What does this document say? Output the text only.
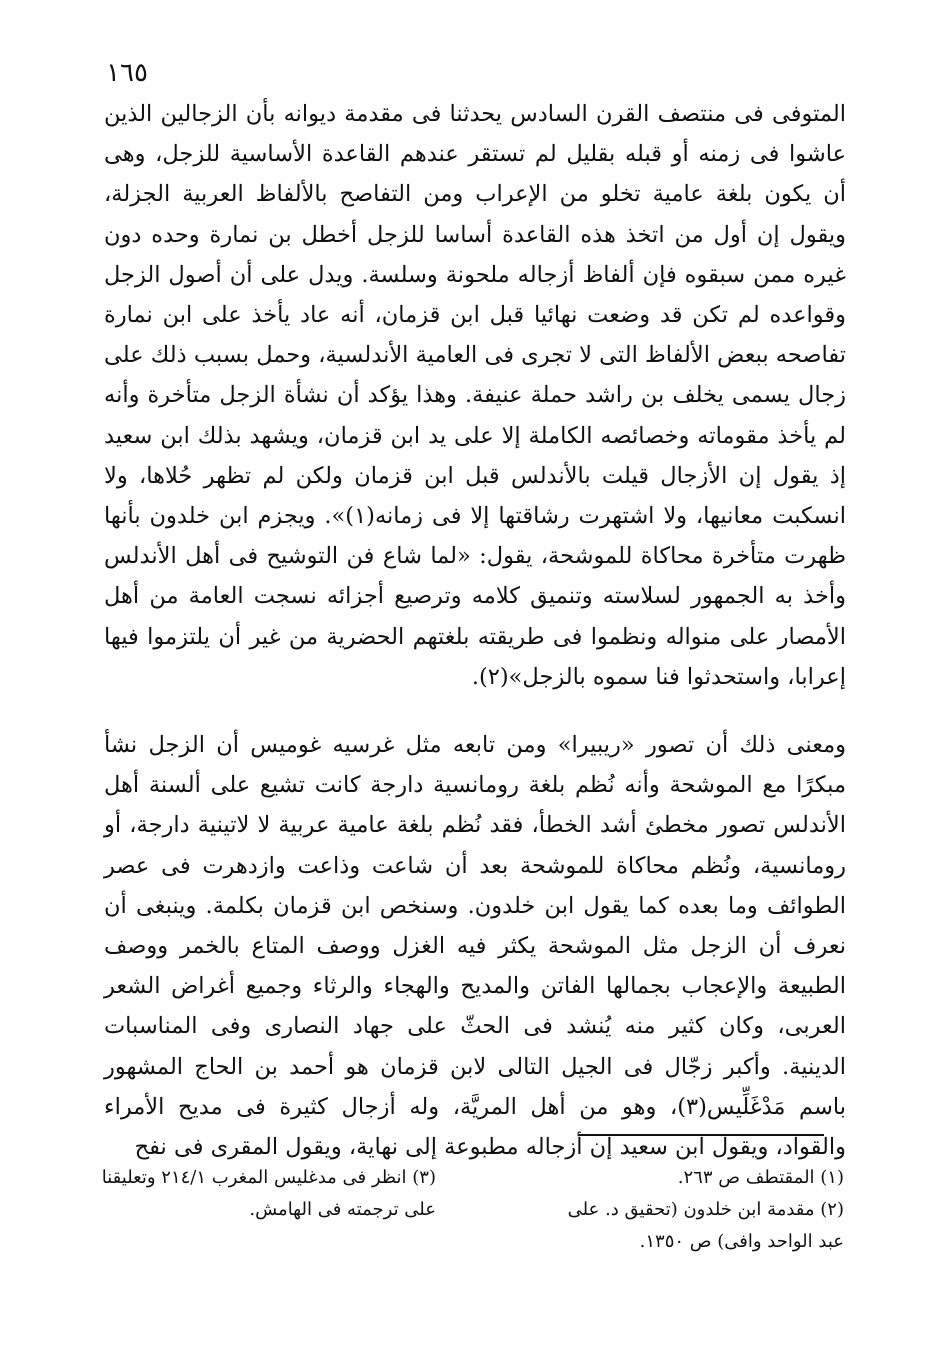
١٦٥

المتوفى فى منتصف القرن السادس يحدثنا فى مقدمة ديوانه بأن الزجالين الذين عاشوا فى زمنه أو قبله بقليل لم تستقر عندهم القاعدة الأساسية للزجل، وهى أن يكون بلغة عامية تخلو من الإعراب ومن التفاصح بالألفاظ العربية الجزلة، ويقول إن أول من اتخذ هذه القاعدة أساسا للزجل أخطل بن نمارة وحده دون غيره ممن سبقوه فإن ألفاظ أزجاله ملحونة وسلسة. ويدل على أن أصول الزجل وقواعده لم تكن قد وضعت نهائيا قبل ابن قزمان، أنه عاد يأخذ على ابن نمارة تفاصحه ببعض الألفاظ التى لا تجرى فى العامية الأندلسية، وحمل بسبب ذلك على زجال يسمى يخلف بن راشد حملة عنيفة. وهذا يؤكد أن نشأة الزجل متأخرة وأنه لم يأخذ مقوماته وخصائصه الكاملة إلا على يد ابن قزمان، ويشهد بذلك ابن سعيد إذ يقول إن الأزجال قيلت بالأندلس قبل ابن قزمان ولكن لم تظهر حُلاها، ولا انسكبت معانيها، ولا اشتهرت رشاقتها إلا فى زمانه(١)». ويجزم ابن خلدون بأنها ظهرت متأخرة محاكاة للموشحة، يقول: «لما شاع فن التوشيح فى أهل الأندلس وأخذ به الجمهور لسلاسته وتنميق كلامه وترصيع أجزائه نسجت العامة من أهل الأمصار على منواله ونظموا فى طريقته بلغتهم الحضرية من غير أن يلتزموا فيها إعرابا، واستحدثوا فنا سموه بالزجل»(٢).

ومعنى ذلك أن تصور «ريبيرا» ومن تابعه مثل غرسيه غوميس أن الزجل نشأ مبكرًا مع الموشحة وأنه نُظم بلغة رومانسية دارجة كانت تشيع على ألسنة أهل الأندلس تصور مخطئ أشد الخطأ، فقد نُظم بلغة عامية عربية لا لاتينية دارجة، أو رومانسية، ونُظم محاكاة للموشحة بعد أن شاعت وذاعت وازدهرت فى عصر الطوائف وما بعده كما يقول ابن خلدون. وسنخص ابن قزمان بكلمة. وينبغى أن نعرف أن الزجل مثل الموشحة يكثر فيه الغزل ووصف المتاع بالخمر ووصف الطبيعة والإعجاب بجمالها الفاتن والمديح والهجاء والرثاء وجميع أغراض الشعر العربى، وكان كثير منه يُنشد فى الحثّ على جهاد النصارى وفى المناسبات الدينية. وأكبر زجّال فى الجيل التالى لابن قزمان هو أحمد بن الحاج المشهور باسم مَدْغَلِّيس(٣)، وهو من أهل المريَّة، وله أزجال كثيرة فى مديح الأمراء والقواد، ويقول ابن سعيد إن أزجاله مطبوعة إلى نهاية، ويقول المقرى فى نفح

(١) المقتطف ص ٢٦٣.
(٢) مقدمة ابن خلدون (تحقيق د. على
عبد الواحد وافى) ص ١٣٥٠.
(٣) انظر فى مدغليس المغرب ٢١٤/١ وتعليقنا
على ترجمته فى الهامش.
